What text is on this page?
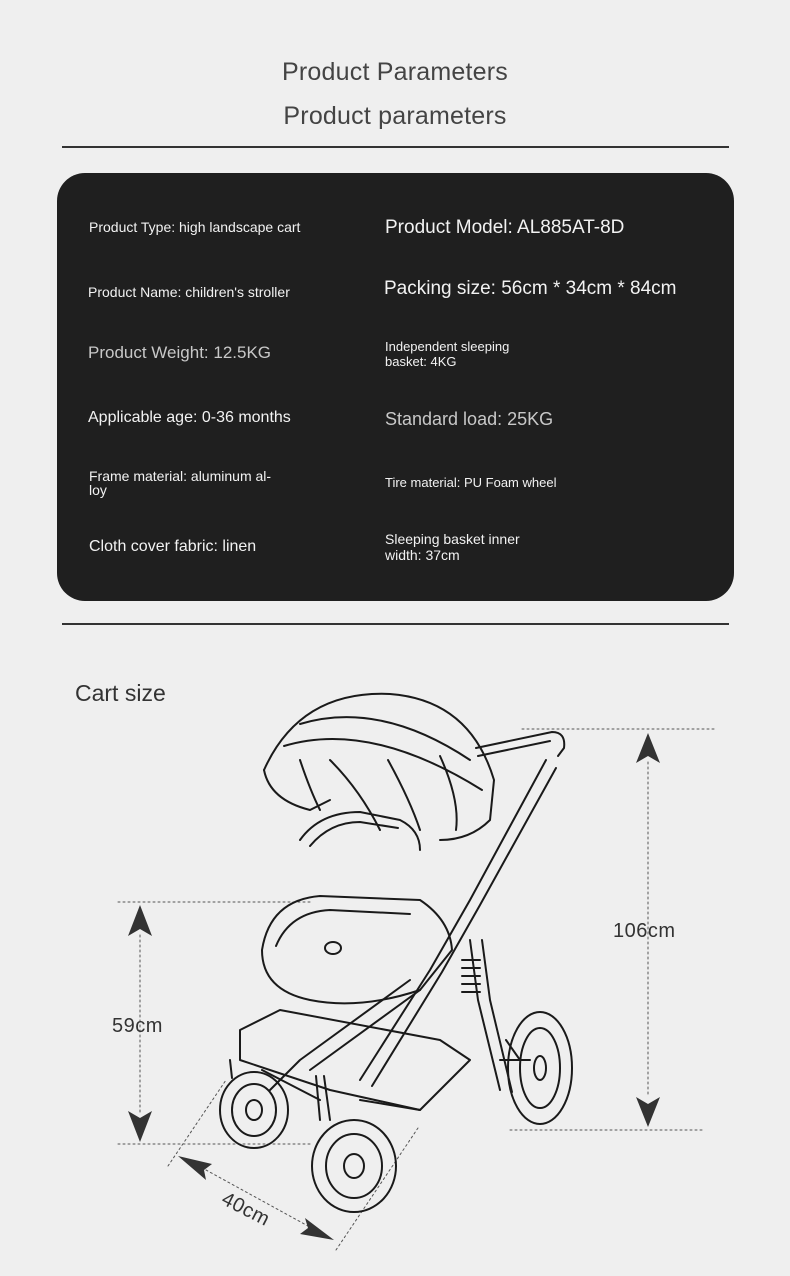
Product Parameters
Product parameters
Product Type: high landscape cart	Product Model: AL885AT-8D
Product Name: children's stroller	Packing size: 56cm * 34cm * 84cm
Product Weight: 12.5KG	Independent sleeping
basket: 4KG
Applicable age: 0-36 months	Standard load: 25KG
Frame material: aluminum al-
loy	Tire material: PU Foam wheel
Cloth cover fabric: linen	Sleeping basket inner
width: 37cm
Cart size
106cm
59cm
40cm
